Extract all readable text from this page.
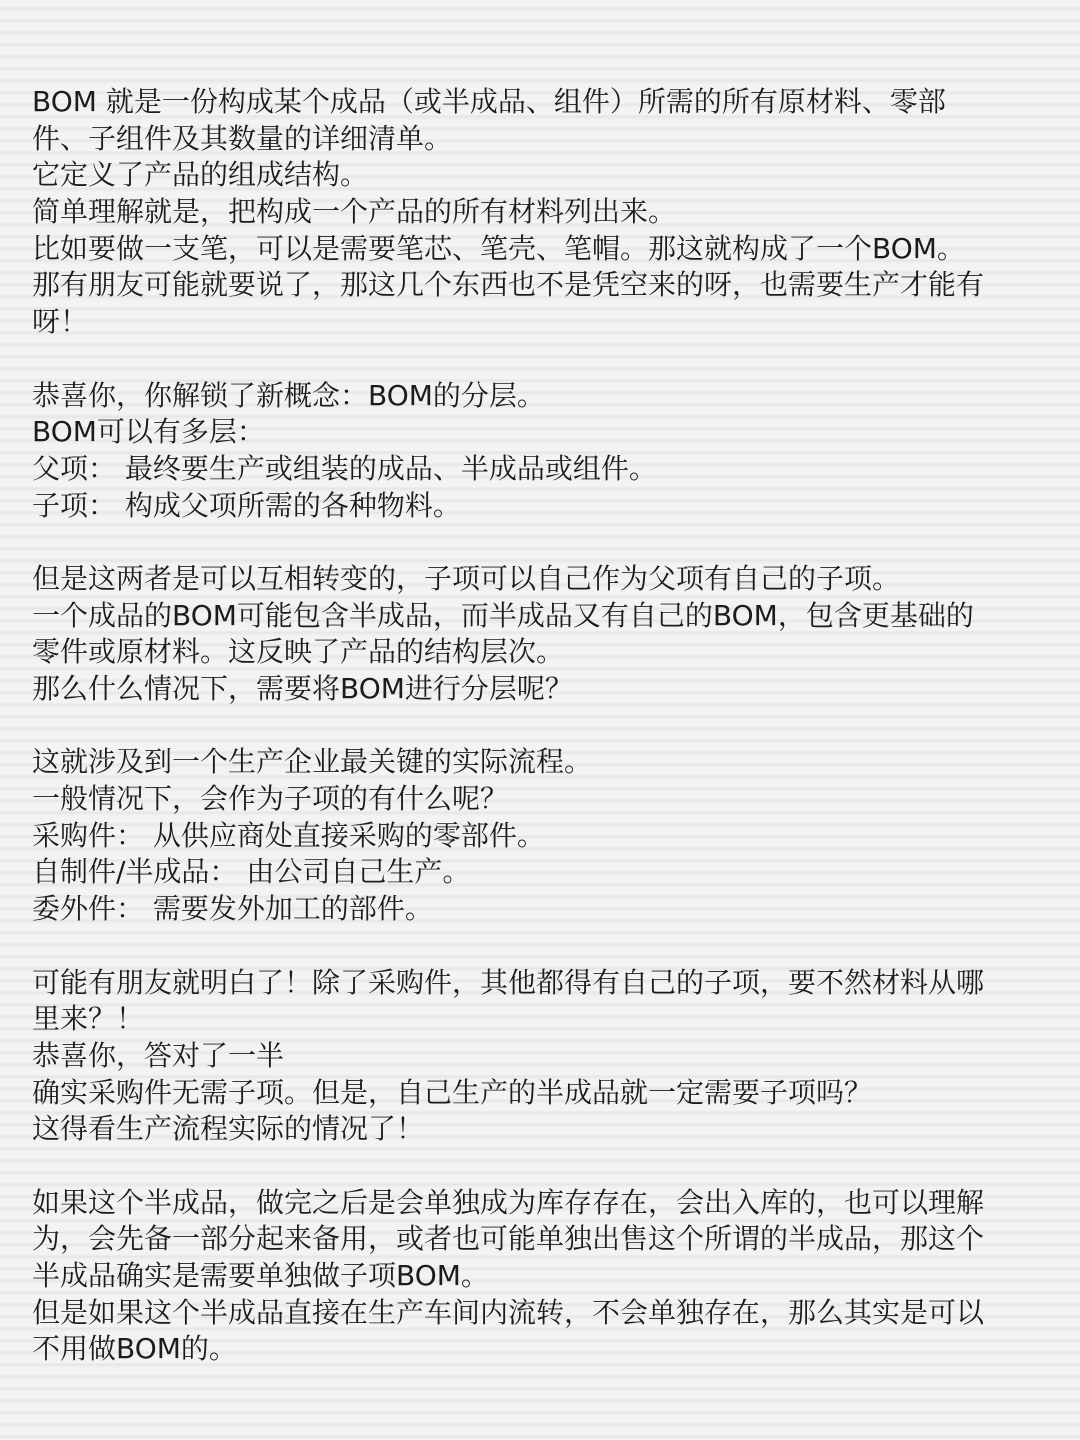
BOM 就是一份构成某个成品（或半成品、组件）所需的所有原材料、零部
件、子组件及其数量的详细清单。
它定义了产品的组成结构。
简单理解就是，把构成一个产品的所有材料列出来。
比如要做一支笔，可以是需要笔芯、笔壳、笔帽。那这就构成了一个BOM。
那有朋友可能就要说了，那这几个东西也不是凭空来的呀，也需要生产才能有
呀！
恭喜你，你解锁了新概念：BOM的分层。
BOM可以有多层：
父项： 最终要生产或组装的成品、半成品或组件。
子项： 构成父项所需的各种物料。
但是这两者是可以互相转变的，子项可以自己作为父项有自己的子项。
一个成品的BOM可能包含半成品，而半成品又有自己的BOM，包含更基础的
零件或原材料。这反映了产品的结构层次。
那么什么情况下，需要将BOM进行分层呢？
这就涉及到一个生产企业最关键的实际流程。
一般情况下，会作为子项的有什么呢？
采购件： 从供应商处直接采购的零部件。
自制件/半成品： 由公司自己生产。
委外件： 需要发外加工的部件。
可能有朋友就明白了！除了采购件，其他都得有自己的子项，要不然材料从哪
里来？！
恭喜你，答对了一半
确实采购件无需子项。但是，自己生产的半成品就一定需要子项吗？
这得看生产流程实际的情况了！
如果这个半成品，做完之后是会单独成为库存存在，会出入库的，也可以理解
为，会先备一部分起来备用，或者也可能单独出售这个所谓的半成品，那这个
半成品确实是需要单独做子项BOM。
但是如果这个半成品直接在生产车间内流转，不会单独存在，那么其实是可以
不用做BOM的。
